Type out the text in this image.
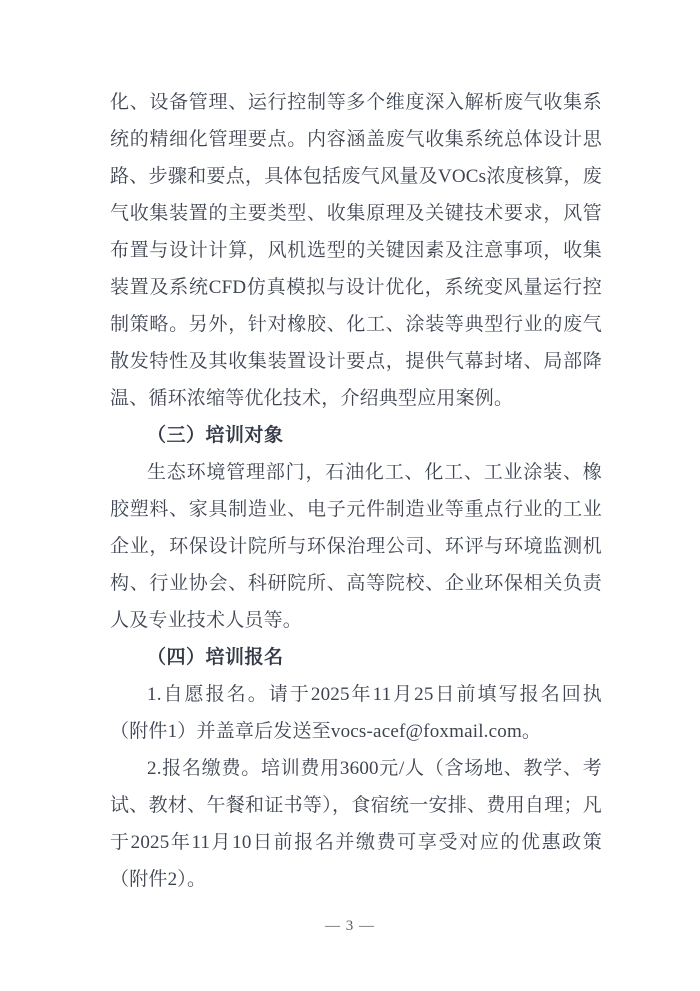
化、设备管理、运行控制等多个维度深入解析废气收集系统的精细化管理要点。内容涵盖废气收集系统总体设计思路、步骤和要点，具体包括废气风量及VOCs浓度核算，废气收集装置的主要类型、收集原理及关键技术要求，风管布置与设计计算，风机选型的关键因素及注意事项，收集装置及系统CFD仿真模拟与设计优化，系统变风量运行控制策略。另外，针对橡胶、化工、涂装等典型行业的废气散发特性及其收集装置设计要点，提供气幕封堵、局部降温、循环浓缩等优化技术，介绍典型应用案例。

（三）培训对象

生态环境管理部门，石油化工、化工、工业涂装、橡胶塑料、家具制造业、电子元件制造业等重点行业的工业企业，环保设计院所与环保治理公司、环评与环境监测机构、行业协会、科研院所、高等院校、企业环保相关负责人及专业技术人员等。

（四）培训报名

1.自愿报名。请于2025年11月25日前填写报名回执（附件1）并盖章后发送至vocs-acef@foxmail.com。

2.报名缴费。培训费用3600元/人（含场地、教学、考试、教材、午餐和证书等），食宿统一安排、费用自理；凡于2025年11月10日前报名并缴费可享受对应的优惠政策（附件2）。

— 3 —
